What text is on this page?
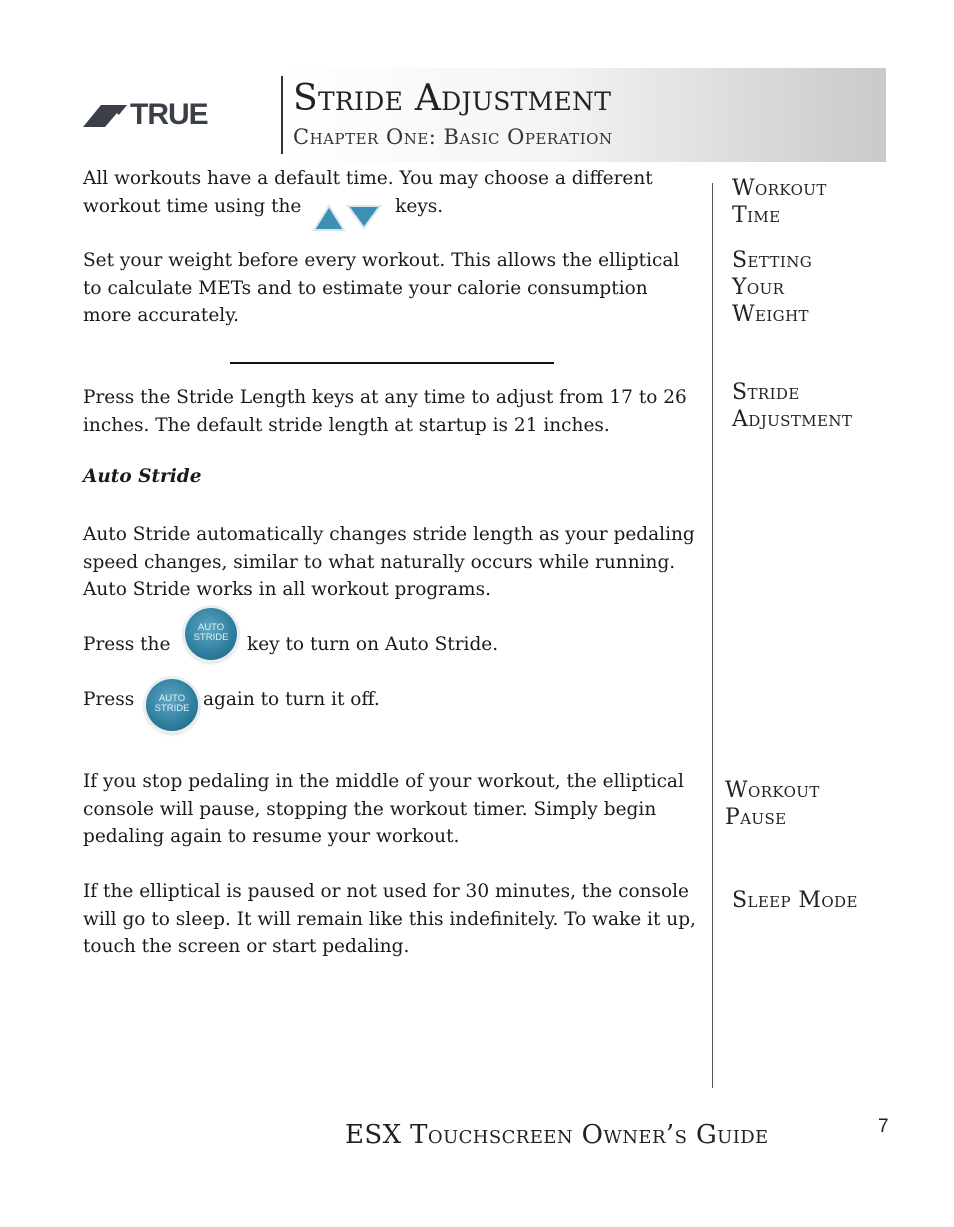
TRUE Stride Adjustment
Chapter One: Basic Operation

All workouts have a default time. You may choose a different
workout time using the	keys.

Set your weight before every workout. This allows the elliptical to calculate METs and to estimate your calorie consumption more accurately.

Press the Stride Length keys at any time to adjust from 17 to 26 inches. The default stride length at startup is 21 inches.

Auto Stride

Auto Stride automatically changes stride length as your pedaling speed changes, similar to what naturally occurs while running. Auto Stride works in all workout programs.

Press the
AUTO
STRIDE	key to turn on Auto Stride.
Press	AUTO
STRIDE again to turn it off.

If you stop pedaling in the middle of your workout, the elliptical console will pause, stopping the workout timer. Simply begin pedaling again to resume your workout.

If the elliptical is paused or not used for 30 minutes, the console will go to sleep. It will remain like this indefinitely. To wake it up, touch the screen or start pedaling.

Workout
Time
Setting
Your
Weight
Stride
Adjustment
Workout
Pause
Sleep Mode
ESX Touchscreen Owner’s Guide	7
